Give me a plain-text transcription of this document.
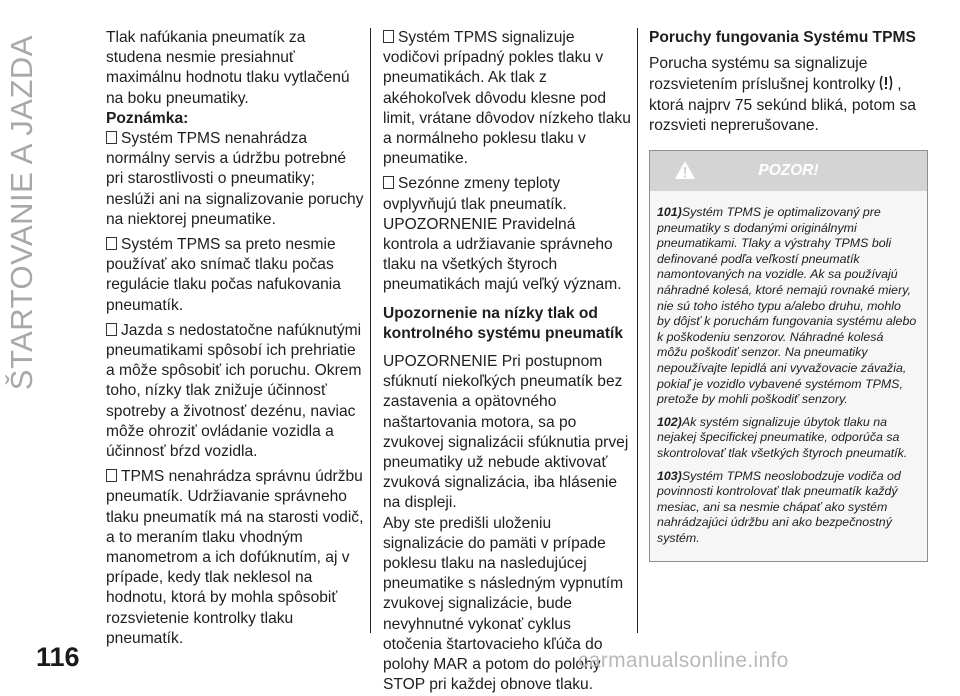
ŠTARTOVANIE A JAZDA	Tlak nafúkania pneumatík za studena nesmie presiahnuť maximálnu hodnotu tlaku vytlačenú na boku pneumatiky.

Poznámka:

Systém TPMS nenahrádza normálny servis a údržbu potrebné pri starostlivosti o pneumatiky; neslúži ani na signalizovanie poruchy na niektorej pneumatike.

Systém TPMS sa preto nesmie používať ako snímač tlaku počas regulácie tlaku počas nafukovania pneumatík.

Jazda s nedostatočne nafúknutými pneumatikami spôsobí ich prehriatie a môže spôsobiť ich poruchu. Okrem toho, nízky tlak znižuje účinnosť spotreby a životnosť dezénu, naviac môže ohroziť ovládanie vozidla a účinnosť bŕzd vozidla.

TPMS nenahrádza správnu údržbu pneumatík. Udržiavanie správneho tlaku pneumatík má na starosti vodič, a to meraním tlaku vhodným manometrom a ich dofúknutím, aj v prípade, kedy tlak neklesol na hodnotu, ktorá by mohla spôsobiť rozsvietenie kontrolky tlaku pneumatík.

Systém TPMS signalizuje vodičovi prípadný pokles tlaku v pneumatikách. Ak tlak z akéhokoľvek dôvodu klesne pod limit, vrátane dôvodov nízkeho tlaku a normálneho poklesu tlaku v pneumatike.

Sezónne zmeny teploty ovplyvňujú tlak pneumatík.

UPOZORNENIE Pravidelná kontrola a udržiavanie správneho tlaku na všetkých štyroch pneumatikách majú veľký význam.

Upozornenie na nízky tlak od kontrolného systému pneumatík

UPOZORNENIE Pri postupnom sfúknutí niekoľkých pneumatík bez zastavenia a opätovného naštartovania motora, sa po zvukovej signalizácii sfúknutia prvej pneumatiky už nebude aktivovať zvuková signalizácia, iba hlásenie na displeji.

Aby ste predišli uloženiu signalizácie do pamäti v prípade poklesu tlaku na nasledujúcej pneumatike s následným vypnutím zvukovej signalizácie, bude nevyhnutné vykonať cyklus otočenia štartovacieho kľúča do polohy MAR a potom do polohy STOP pri každej obnove tlaku.

Poruchy fungovania Systému TPMS

Porucha systému sa signalizuje rozsvietením príslušnej kontrolky , ktorá najprv 75 sekúnd bliká, potom sa rozsvieti neprerušovane.

POZOR!

101)Systém TPMS je optimalizovaný pre pneumatiky s dodanými originálnymi pneumatikami. Tlaky a výstrahy TPMS boli definované podľa veľkostí pneumatík namontovaných na vozidle. Ak sa používajú náhradné kolesá, ktoré nemajú rovnaké miery, nie sú toho istého typu a/alebo druhu, mohlo by dôjsť k poruchám fungovania systému alebo k poškodeniu senzorov. Náhradné kolesá môžu poškodiť senzor. Na pneumatiky nepoužívajte lepidlá ani vyvažovacie závažia, pokiaľ je vozidlo vybavené systémom TPMS, pretože by mohli poškodiť senzory.

102)Ak systém signalizuje úbytok tlaku na nejakej špecifickej pneumatike, odporúča sa skontrolovať tlak všetkých štyroch pneumatík.

103)Systém TPMS neoslobodzuje vodiča od povinnosti kontrolovať tlak pneumatík každý mesiac, ani sa nesmie chápať ako systém nahrádzajúci údržbu ani ako bezpečnostný systém.

116	carmanualsonline.info
